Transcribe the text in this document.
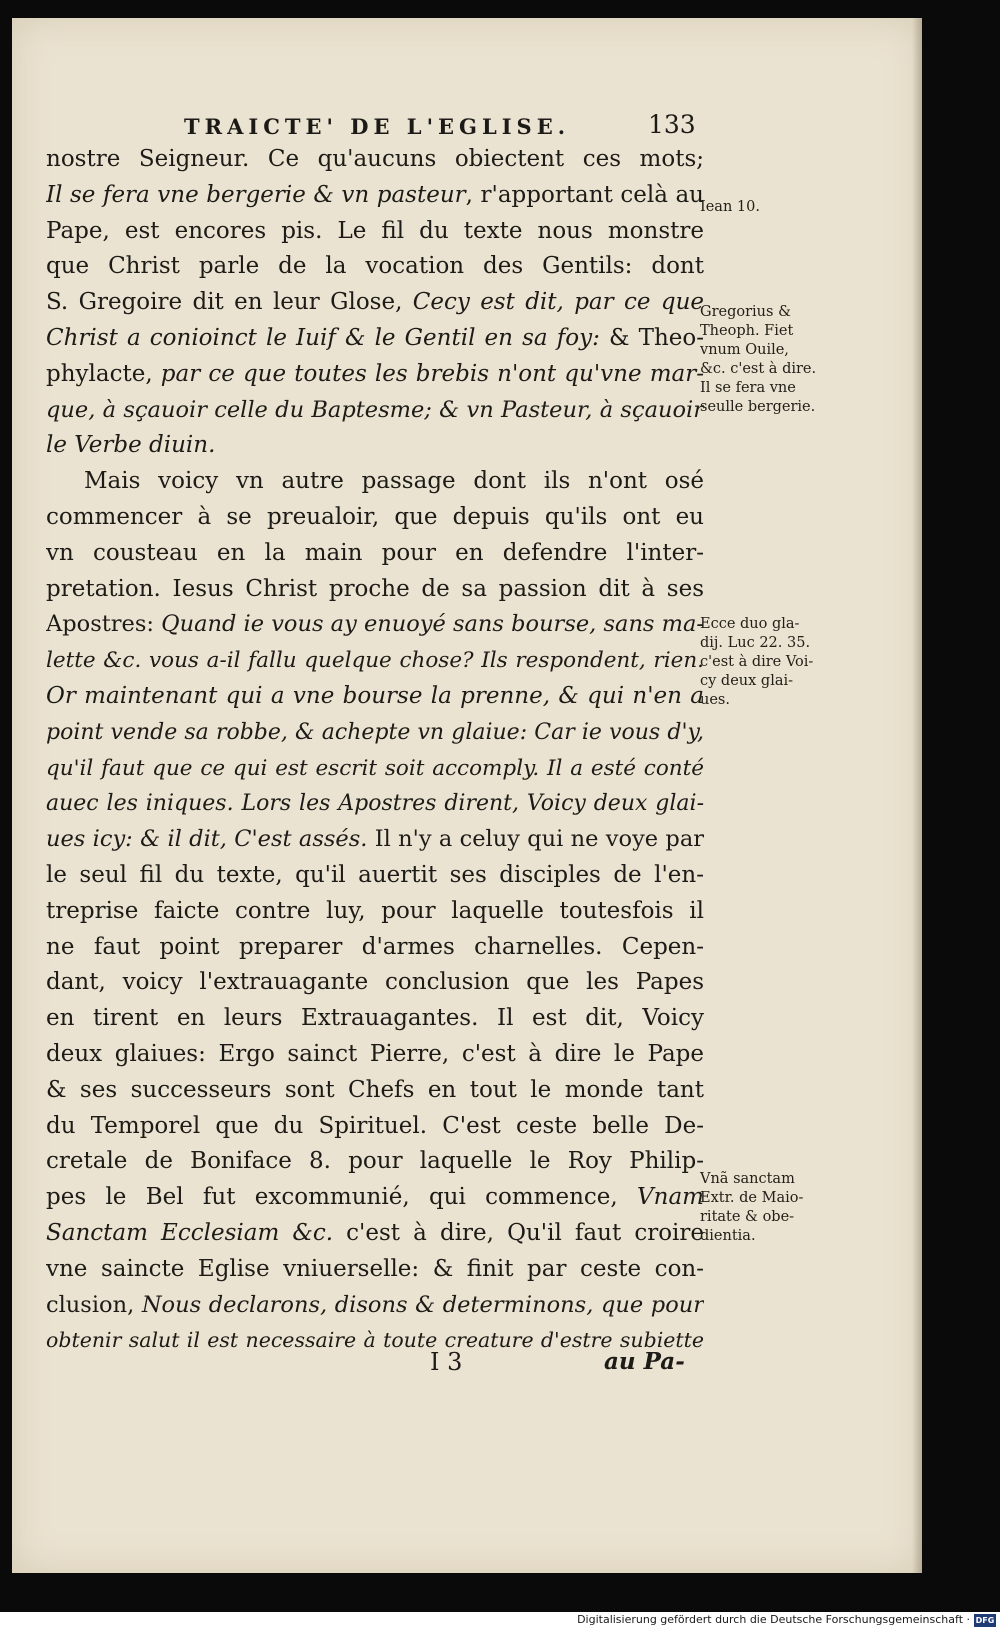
TRAICTE' DE L'EGLISE.	133
nostre Seigneur. Ce qu'aucuns obiectent ces mots;
Il se fera vne bergerie & vn pasteur, r'apportant celà au
Pape, est encores pis. Le fil du texte nous monstre
que Christ parle de la vocation des Gentils: dont
S. Gregoire dit en leur Glose, Cecy est dit, par ce que
Christ a conioinct le Iuif & le Gentil en sa foy: & Theo-
phylacte, par ce que toutes les brebis n'ont qu'vne mar-
que, à sçauoir celle du Baptesme; & vn Pasteur, à sçauoir
le Verbe diuin.
Mais voicy vn autre passage dont ils n'ont osé
commencer à se preualoir, que depuis qu'ils ont eu
vn cousteau en la main pour en defendre l'inter-
pretation. Iesus Christ proche de sa passion dit à ses
Apostres: Quand ie vous ay enuoyé sans bourse, sans ma-
lette &c. vous a-il fallu quelque chose? Ils respondent, rien.
Or maintenant qui a vne bourse la prenne, & qui n'en a
point vende sa robbe, & achepte vn glaiue: Car ie vous d'y,
qu'il faut que ce qui est escrit soit accomply. Il a esté conté
auec les iniques. Lors les Apostres dirent, Voicy deux glai-
ues icy: & il dit, C'est assés. Il n'y a celuy qui ne voye par
le seul fil du texte, qu'il auertit ses disciples de l'en-
treprise faicte contre luy, pour laquelle toutesfois il
ne faut point preparer d'armes charnelles. Cepen-
dant, voicy l'extrauagante conclusion que les Papes
en tirent en leurs Extrauagantes. Il est dit, Voicy
deux glaiues: Ergo sainct Pierre, c'est à dire le Pape
& ses successeurs sont Chefs en tout le monde tant
du Temporel que du Spirituel. C'est ceste belle De-
cretale de Boniface 8. pour laquelle le Roy Philip-
pes le Bel fut excommunié, qui commence, Vnam
Sanctam Ecclesiam &c. c'est à dire, Qu'il faut croire
vne saincte Eglise vniuerselle: & finit par ceste con-
clusion, Nous declarons, disons & determinons, que pour
obtenir salut il est necessaire à toute creature d'estre subiette
I 3	au Pa-
Iean 10.
Gregorius &
Theoph. Fiet
vnum Ouile,
&c. c'est à dire.
Il se fera vne
seulle bergerie.
Ecce duo gla-
dij. Luc 22. 35.
c'est à dire Voi-
cy deux glai-
ues.
Vnã sanctam
Extr. de Maio-
ritate & obe-
dientia.
Digitalisierung gefördert durch die Deutsche Forschungsgemeinschaft · DFG
